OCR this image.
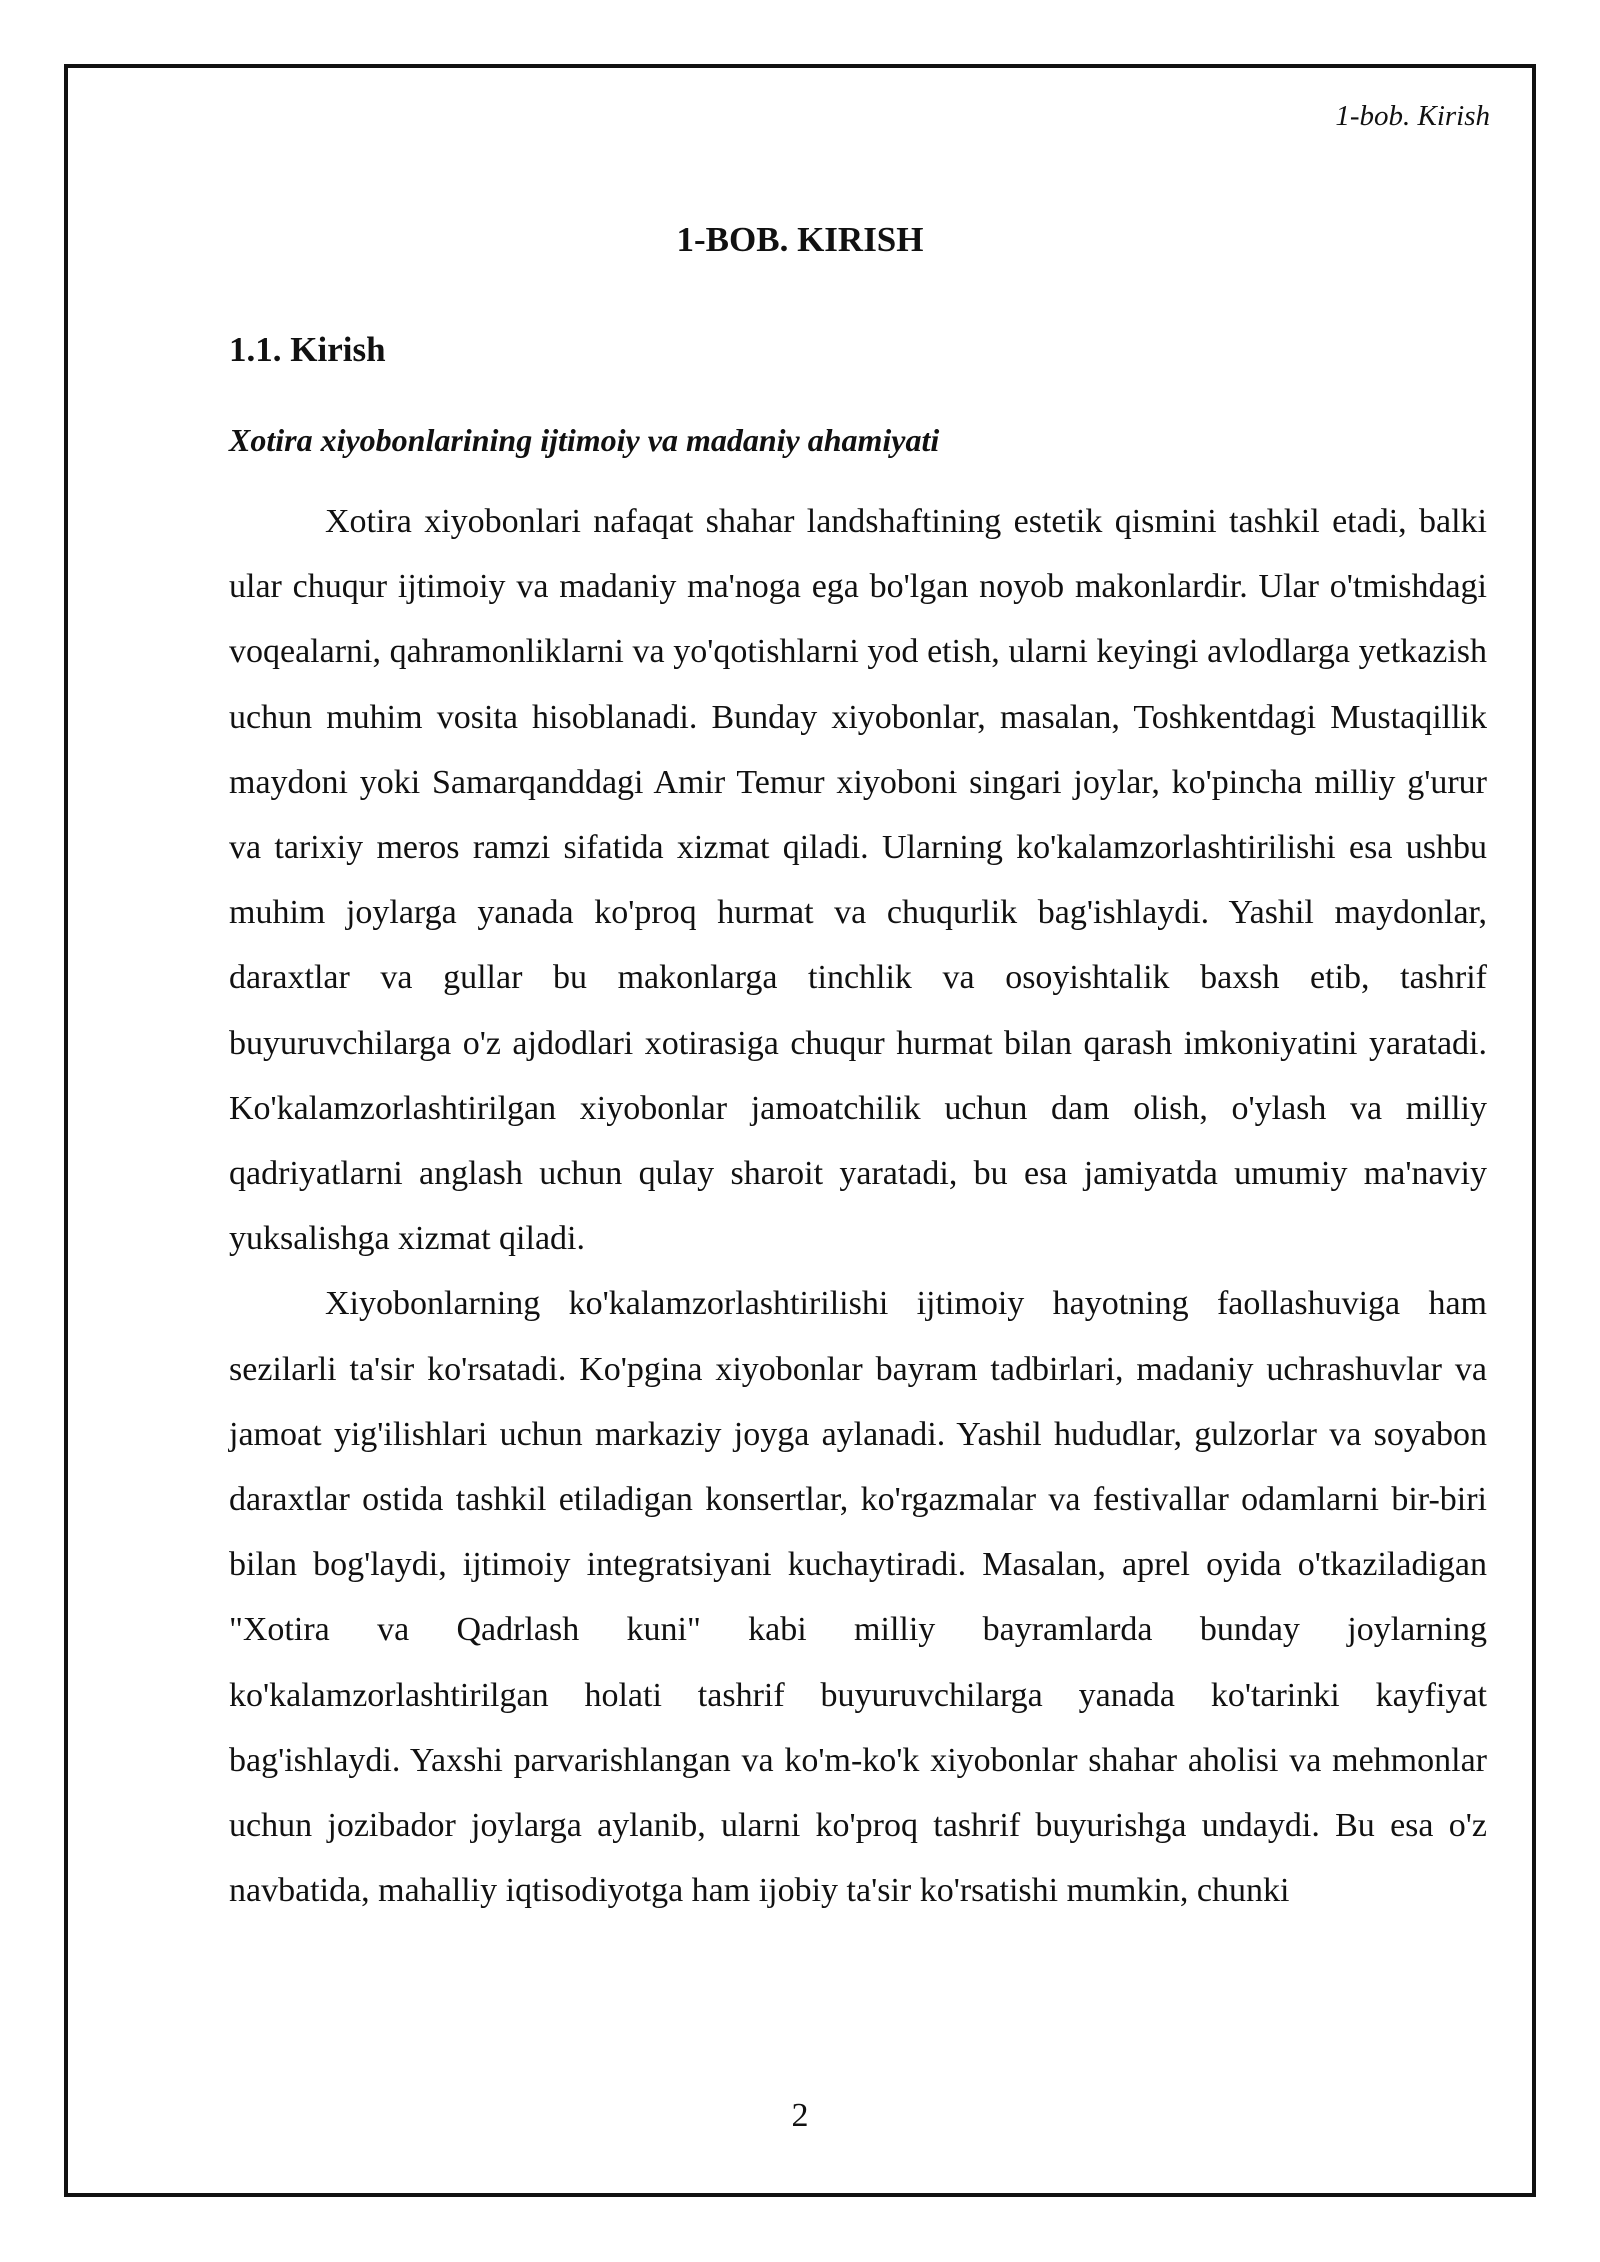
1-bob. Kirish
1-BOB. KIRISH
1.1. Kirish
Xotira xiyobonlarining ijtimoiy va madaniy ahamiyati

Xotira xiyobonlari nafaqat shahar landshaftining estetik qismini tashkil etadi, balki ular chuqur ijtimoiy va madaniy ma'noga ega bo'lgan noyob makonlardir. Ular o'tmishdagi voqealarni, qahramonliklarni va yo'qotishlarni yod etish, ularni keyingi avlodlarga yetkazish uchun muhim vosita hisoblanadi. Bunday xiyobonlar, masalan, Toshkentdagi Mustaqillik maydoni yoki Samarqanddagi Amir Temur xiyoboni singari joylar, ko'pincha milliy g'urur va tarixiy meros ramzi sifatida xizmat qiladi. Ularning ko'kalamzorlashtirilishi esa ushbu muhim joylarga yanada ko'proq hurmat va chuqurlik bag'ishlaydi. Yashil maydonlar, daraxtlar va gullar bu makonlarga tinchlik va osoyishtalik baxsh etib, tashrif buyuruvchilarga o'z ajdodlari xotirasiga chuqur hurmat bilan qarash imkoniyatini yaratadi. Ko'kalamzorlashtirilgan xiyobonlar jamoatchilik uchun dam olish, o'ylash va milliy qadriyatlarni anglash uchun qulay sharoit yaratadi, bu esa jamiyatda umumiy ma'naviy yuksalishga xizmat qiladi.

Xiyobonlarning ko'kalamzorlashtirilishi ijtimoiy hayotning faollashuviga ham sezilarli ta'sir ko'rsatadi. Ko'pgina xiyobonlar bayram tadbirlari, madaniy uchrashuvlar va jamoat yig'ilishlari uchun markaziy joyga aylanadi. Yashil hududlar, gulzorlar va soyabon daraxtlar ostida tashkil etiladigan konsertlar, ko'rgazmalar va festivallar odamlarni bir-biri bilan bog'laydi, ijtimoiy integratsiyani kuchaytiradi. Masalan, aprel oyida o'tkaziladigan "Xotira va Qadrlash kuni" kabi milliy bayramlarda bunday joylarning ko'kalamzorlashtirilgan holati tashrif buyuruvchilarga yanada ko'tarinki kayfiyat bag'ishlaydi. Yaxshi parvarishlangan va ko'm-ko'k xiyobonlar shahar aholisi va mehmonlar uchun jozibador joylarga aylanib, ularni ko'proq tashrif buyurishga undaydi. Bu esa o'z navbatida, mahalliy iqtisodiyotga ham ijobiy ta'sir ko'rsatishi mumkin, chunki

2
